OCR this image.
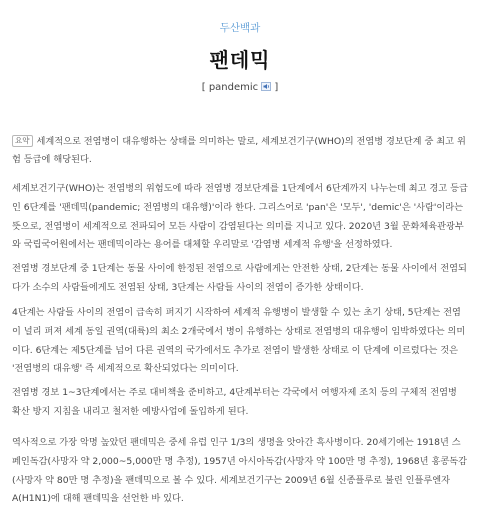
두산백과
팬데믹
[ pandemic ]
요약 세계적으로 전염병이 대유행하는 상태를 의미하는 말로, 세계보건기구(WHO)의 전염병 경보단계 중 최고 위험 등급에 해당된다.

세계보건기구(WHO)는 전염병의 위험도에 따라 전염병 경보단계를 1단계에서 6단계까지 나누는데 최고 경고 등급인 6단계를 '팬데믹(pandemic; 전염병의 대유행)'이라 한다. 그리스어로 'pan'은 '모두', 'demic'은 '사람'이라는 뜻으로, 전염병이 세계적으로 전파되어 모든 사람이 감염된다는 의미를 지니고 있다. 2020년 3월 문화체육관광부와 국립국어원에서는 팬데믹이라는 용어를 대체할 우리말로 '감염병 세계적 유행'을 선정하였다.

전염병 경보단계 중 1단계는 동물 사이에 한정된 전염으로 사람에게는 안전한 상태, 2단계는 동물 사이에서 전염되다가 소수의 사람들에게도 전염된 상태, 3단계는 사람들 사이의 전염이 증가한 상태이다.

4단계는 사람들 사이의 전염이 급속히 퍼지기 시작하여 세계적 유행병이 발생할 수 있는 초기 상태, 5단계는 전염이 널리 퍼져 세계 동일 권역(대륙)의 최소 2개국에서 병이 유행하는 상태로 전염병의 대유행이 임박하였다는 의미이다. 6단계는 제5단계를 넘어 다른 권역의 국가에서도 추가로 전염이 발생한 상태로 이 단계에 이르렀다는 것은 '전염병의 대유행' 즉 세계적으로 확산되었다는 의미이다.

전염병 경보 1~3단계에서는 주로 대비책을 준비하고, 4단계부터는 각국에서 여행자제 조치 등의 구체적 전염병 확산 방지 지침을 내리고 철저한 예방사업에 돌입하게 된다.

역사적으로 가장 악명 높았던 팬데믹은 중세 유럽 인구 1/3의 생명을 앗아간 흑사병이다. 20세기에는 1918년 스페인독감(사망자 약 2,000~5,000만 명 추정), 1957년 아시아독감(사망자 약 100만 명 추정), 1968년 홍콩독감(사망자 약 80만 명 추정)을 팬데믹으로 볼 수 있다. 세계보건기구는 2009년 6월 신종플루로 불린 인플루엔자 A(H1N1)에 대해 팬데믹을 선언한 바 있다.
